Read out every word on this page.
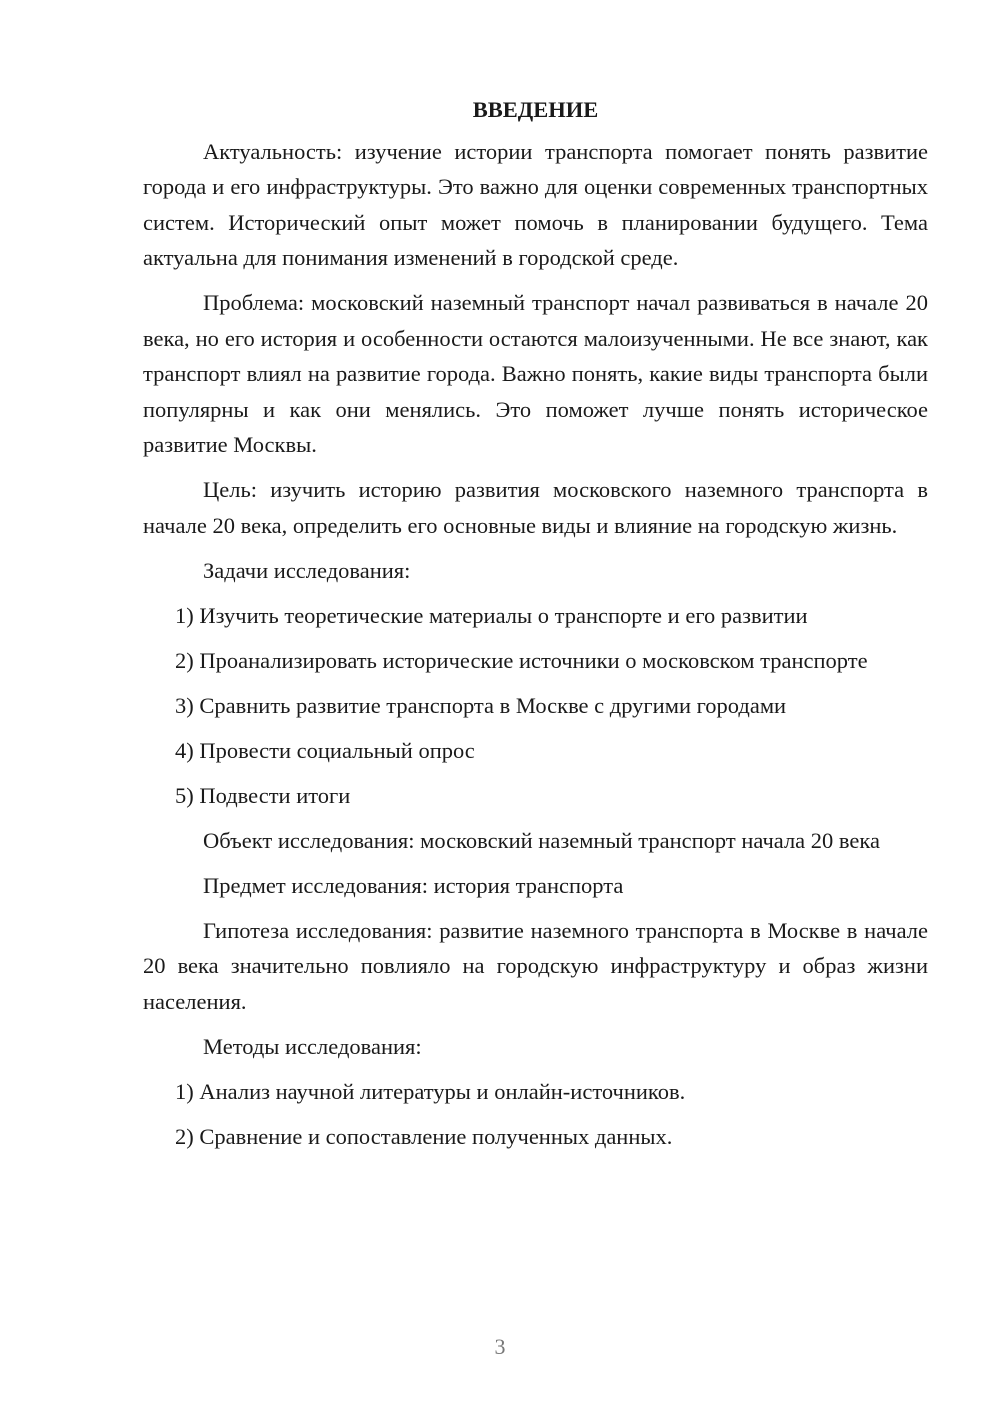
ВВЕДЕНИЕ

Актуальность: изучение истории транспорта помогает понять развитие города и его инфраструктуры. Это важно для оценки современных транспортных систем. Исторический опыт может помочь в планировании будущего. Тема актуальна для понимания изменений в городской среде.

Проблема: московский наземный транспорт начал развиваться в начале 20 века, но его история и особенности остаются малоизученными. Не все знают, как транспорт влиял на развитие города. Важно понять, какие виды транспорта были популярны и как они менялись. Это поможет лучше понять историческое развитие Москвы.

Цель: изучить историю развития московского наземного транспорта в начале 20 века, определить его основные виды и влияние на городскую жизнь.

Задачи исследования:

1) Изучить теоретические материалы о транспорте и его развитии

2) Проанализировать исторические источники о московском транспорте

3) Сравнить развитие транспорта в Москве с другими городами

4) Провести социальный опрос

5) Подвести итоги

Объект исследования: московский наземный транспорт начала 20 века

Предмет исследования: история транспорта

Гипотеза исследования: развитие наземного транспорта в Москве в начале 20 века значительно повлияло на городскую инфраструктуру и образ жизни населения.

Методы исследования:

1) Анализ научной литературы и онлайн-источников.

2) Сравнение и сопоставление полученных данных.

3
